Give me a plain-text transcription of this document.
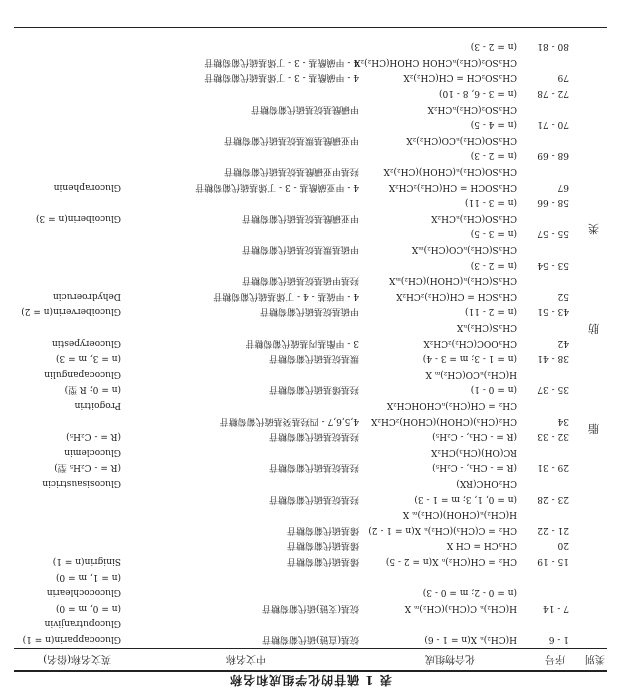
表 1 硫苷的化学组成和名称
类别
序号
化合物组成
中文名称
英文名称(俗名)
脂
肪
类
1 - 6
H(CH₂)ₙ X(n = 1 - 6)
烷基(直链)硫代葡萄糖苷
Glucocapparin(n = 1)
Glucoputranjivin
7 - 14
H(CH₂)ₙ C(CH₃)(CH₂)ₘ X
烷基(支链)硫代葡萄糖苷
(n = 0, m = 0)
(n = 0 - 2; m = 0 - 3)
Glucocochlearin
(n = 1, m = 0)
15 - 19
CH₂ = CH(CH₂)ₙ X(n = 2 - 5)
烯基硫代葡萄糖苷
Sinigrin(n = 1)
20
CH₃CH = CH X
烯基硫代葡萄糖苷
21 - 22
CH₂ = C(CH₃)(CH₂)ₙ X(n = 1 - 2)
烯基硫代葡萄糖苷
H(CH₂)ₙ(CHOH)(CH₂)ₘ X
23 - 28
(n = 0, 1, 3; m = 1 - 3)
羟基烷基硫代葡萄糖苷
CH₂OHC(RX)
Glucosisaustricin
29 - 31
(R = - CH₃, - C₂H₅)
羟基烷基硫代葡萄糖苷
(R = - C₂H₅ 型)
RC(OH)(CH₃)CH₂X
Glucoclemin
32 - 33
(R = - CH₃, - C₂H₅)
羟基烷基硫代葡萄糖苷
(R = - C₂H₅)
34
CH₂(CH₃)(CHOH)(CHOH)₂CH₂X
4,5,6,7 - 四羟基癸基硫代葡萄糖苷
CH₂ = CH(CH₂)ₙCHOHCH₂X
Progoitrin
35 - 37
(n = 0 - 1)
羟基烯基硫代葡萄糖苷
(n = 0; R 型)
H(CH₂)ₙCO(CH₂)ₘ X
Glucocapangulin
38 - 41
(n = 1 - 3; m = 3 - 4)
羰基烷基硫代葡萄糖苷
(n = 3, m = 3)
42
CH₃OOC(CH₂)₂CH₂X
3 - 甲酯基丙基硫代葡萄糖苷
Glucoerypestin
CH₃S(CH₂)ₙX
43 - 51
(n = 2 - 11)
甲硫基烷基硫代葡萄糖苷
Glucoiberverin(n = 2)
52
CH₃SCH = CH(CH₂)₂CH₂X
4 - 甲硫基 - 4 - 丁烯基硫代葡萄糖苷
Dehydroerucin
CH₃S(CH₂)ₙ(CHOH)(CH₂)ₘX
羟基甲硫基烷基硫代葡萄糖苷
53 - 54
(n = 2 - 3)
CH₃S(CH₂)ₙCO(CH₂)ₘX
甲硫基羰基烷基硫代葡萄糖苷
55 - 57
(n = 3 - 5)
CH₃SO(CH₂)ₙCH₂X
甲亚磺酰基烷基硫代葡萄糖苷
Glucoiberin(n = 3)
58 - 66
(n = 3 - 11)
67
CH₃SOCH = CH(CH₂)₂CH₂X
4 - 甲亚磺酰基 - 3 - 丁烯基硫代葡萄糖苷
Glucoraphenin
CH₃SO(CH₂)ₙ(CHOH)(CH₂)₂X
羟基甲亚磺酰基烷基硫代葡萄糖苷
68 - 69
(n = 2 - 3)
CH₃SO(CH₂)ₙCO(CH₂)₂X
甲亚磺酰基羰基烷基硫代葡萄糖苷
70 - 71
(n = 4 - 5)
CH₃SO₂(CH₂)ₙCH₂X
甲磺酰基烷基硫代葡萄糖苷
72 - 78
(n = 3 - 6, 8 - 10)
79
CH₃SO₂CH = CH(CH₂)₂X
4 - 甲磺酰基 - 3 - 丁烯基硫代葡萄糖苷
CH₃SO₂(CH₂)ₙCHOH CHOH(CH₂)₂X
4 - 甲磺酰基 - 3 - 丁烯基硫代葡萄糖苷
80 - 81
(n = 2 - 3)
